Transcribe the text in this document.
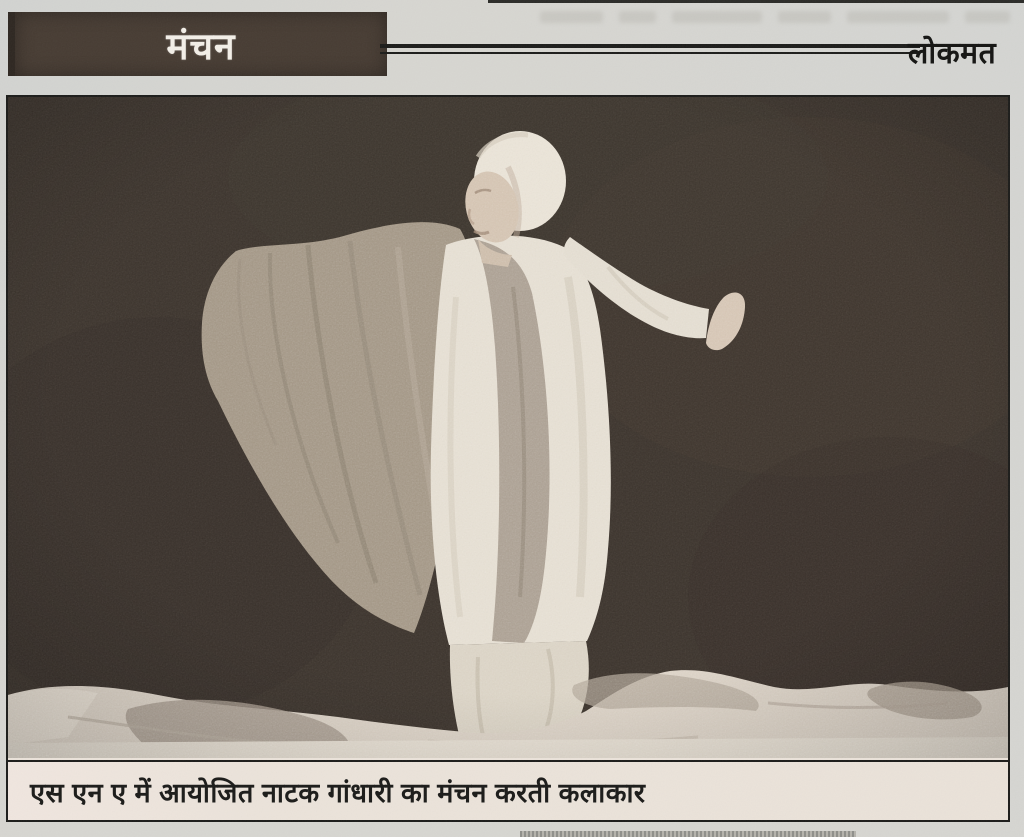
मंचन	लोकमत
एस एन ए में आयोजित नाटक गांधारी का मंचन करती कलाकार
